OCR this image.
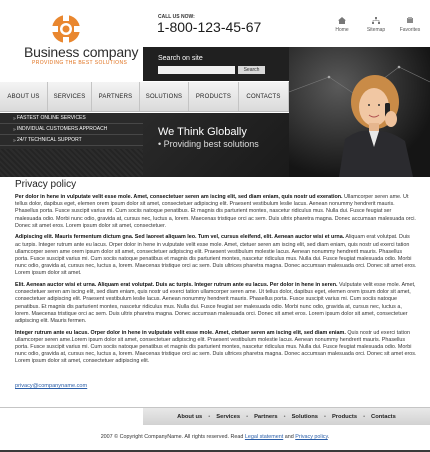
Business company
PROVIDING THE BEST SOLUTIONS
CALL US NOW:
1-800-123-45-67	Home	Sitemap	Favorites
Search on site
Search
ABOUT US	SERVICES	PARTNERS	SOLUTIONS	PRODUCTS	CONTACTS
» FASTEST ONLINE SERVICES
» INDIVIDUAL CUSTOMERS APPROACH
» 24/7 TECHNICAL SUPPORT
We Think Globally
• Providing best solutions
Privacy policy

Per dolor in hene in vulputate velit esse mole. Amet, consectetuer seren am iscing elit, sed diam eniam, quis nostr ud exeration. Ullamcorper seren ame. Ut tellus dolor, dapibus eget, elemen orem ipsum dolor sit amet, consectetuer adipiscing elit. Praesent vestibulum leslie lacus. Aenean nonummy hendrerit mauris. Phasellus porta. Fusce suscipit varius mi. Cum sociis natoque penatibus. Et magnis dis parturient montes, nascetur ridiculus mus. Nulla dui. Fusce feugiat ser malesuada odio. Morbi nunc odio, gravida at, cursus nec, luctus a, lorem. Maecenas tristique orci ac sem. Duis ultrix pharetra magna. Donec accumsan malesuada orci. Donec sit amet eros. Lorem ipsum dolor sit amet, consectetuer.

Adipiscing elit. Mauris fermentum dictum gna. Sed laoreet aliquam leo. Tum vel, cursus eleifend, elit. Aenean auctor wisi et urna. Aliquam erat volutpat. Duis ac turpis. Integer rutrum ante eu lacus. Orper dolor in hene in vulputate velit esse mole. Amet, ctetuer seren am iscing elit, sed diam eniam, quis nostr ud exerci tation ullamcorper seren ame orem ipsum dolor sit amet, consectetuer adipiscing elit. Praesent vestibulum molestie lacus. Aenean nonummy hendrerit mauris. Phasellus porta. Fusce suscipit varius mi. Cum sociis natoque penatibus et magnis dis parturient montes, nascetur ridiculus mus. Nulla dui. Fusce feugiat malesuada odio. Morbi nunc odio, gravida at, cursus nec, luctus a, lorem. Maecenas tristique orci ac sem. Duis ultrices pharetra magna. Donec accumsan malesuada orci. Donec sit amet eros. Lorem ipsum dolor sit amet.

Elit. Aenean auctor wisi et urna. Aliquam erat volutpat. Duis ac turpis. Integer rutrum ante eu lacus. Per dolor in hene in seren. Vulputate velit esse mole. Amet, consectetuer seren am iscing elit, sed diam eniam, quis nostr ud exerci tation ullamcorper seren ame. Ut tellus dolor, dapibus eget, elemen orem ipsum dolor sit amet, consectetuer adipiscing elit. Praesent vestibulum leslie lacus. Aenean nonummy hendrerit mauris. Phasellus porta. Fusce suscipit varius mi. Cum sociis natoque penatibus. Et magnis dis parturient montes, nascetur ridiculus mus. Nulla dui. Fusce feugiat ser malesuada odio. Morbi nunc odio, gravida at, cursus nec, luctus a, lorem. Maecenas tristique orci ac sem. Duis ultrix pharetra magna. Donec accumsan malesuada orci. Donec sit amet eros. Lorem ipsum dolor sit amet, consectetuer adipiscing elit. Mauris fermen.

Integer rutrum ante eu lacus. Orper dolor in hene in vulputate velit esse mole. Amet, ctetuer seren am iscing elit, sed diam eniam. Quis nostr ud exerci tation ullamcorper seren ame.Lorem ipsum dolor sit amet, consectetuer adipiscing elit. Praesent vestibulum molestie lacus. Aenean nonummy hendrerit mauris. Phasellus porta. Fusce suscipit varius mi. Cum sociis natoque penatibus et magnis dis parturient montes, nascetur ridiculus mus. Nulla dui. Fusce feugiat malesuada odio. Morbi nunc odio, gravida at, cursus nec, luctus a, lorem. Maecenas tristique orci ac sem. Duis ultrices pharetra magna. Donec accumsan malesuada orci. Donec sit amet eros. Lorem ipsum dolor sit amet, consectetuer adipiscing elit.

privacy@companyname.com
About us • Services • Partners • Solutions • Products • Contacts
2007 © Copyright CompanyName. All rights reserved. Read Legal statement and Privacy policy.
